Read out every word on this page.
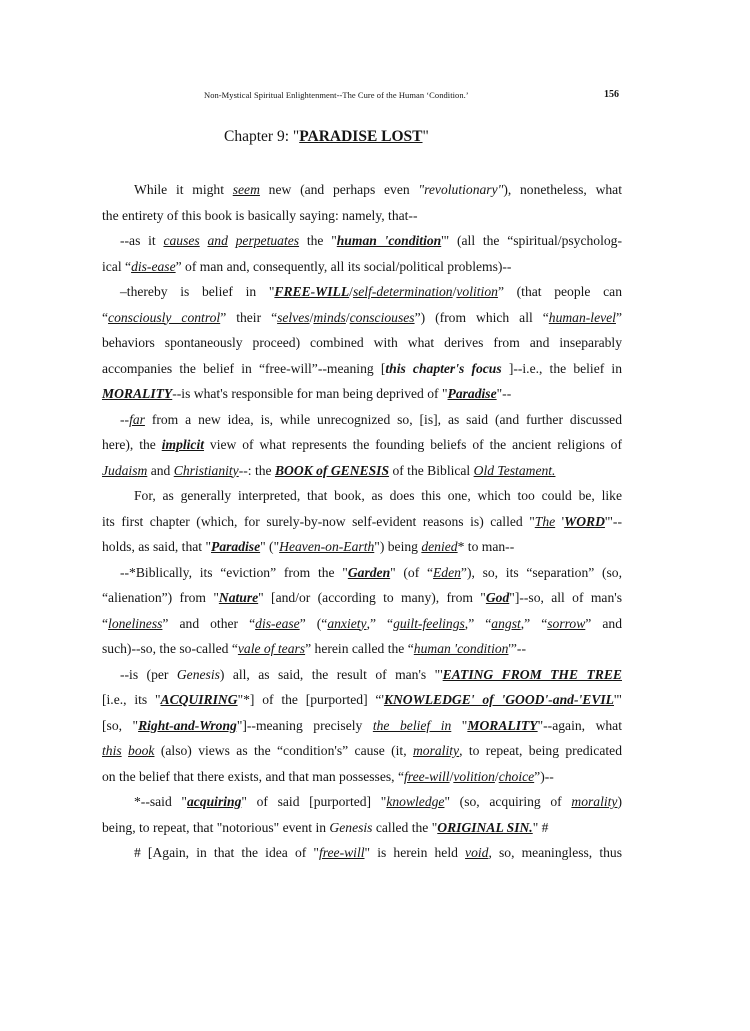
Non-Mystical Spiritual Enlightenment--The Cure of the Human ‘Condition.’	156
Chapter 9: "PARADISE LOST"
While it might seem new (and perhaps even "revolutionary"), nonetheless, what
the entirety of this book is basically saying: namely, that--
--as it causes and perpetuates the "human 'condition'" (all the “spiritual/psycholog-
ical “dis-ease” of man and, consequently, all its social/political problems)--
–thereby is belief in "FREE-WILL/self-determination/volition” (that people can
“consciously control” their “selves/minds/consciouses”) (from which all “human-level”
behaviors spontaneously proceed) combined with what derives from and inseparably
accompanies the belief in “free-will”--meaning [this chapter's focus ]--i.e., the belief in
MORALITY--is what's responsible for man being deprived of "Paradise"--
--far from a new idea, is, while unrecognized so, [is], as said (and further discussed
here), the implicit view of what represents the founding beliefs of the ancient religions of
Judaism and Christianity--: the BOOK of GENESIS of the Biblical Old Testament.
For, as generally interpreted, that book, as does this one, which too could be, like
its first chapter (which, for surely-by-now self-evident reasons is) called "The 'WORD'"--
holds, as said, that "Paradise" ("Heaven-on-Earth") being denied* to man--
--*Biblically, its “eviction” from the "Garden" (of “Eden”), so, its “separation” (so,
“alienation”) from "Nature" [and/or (according to many), from "God"]--so, all of man's
“loneliness” and other “dis-ease” (“anxiety,” “guilt-feelings,” “angst,” “sorrow” and
such)--so, the so-called “vale of tears” herein called the “human 'condition'”--
--is (per Genesis) all, as said, the result of man's "'EATING FROM THE TREE
[i.e., its "ACQUIRING"*] of the [purported] “'KNOWLEDGE' of 'GOOD'-and-'EVIL'"
[so, "Right-and-Wrong"]--meaning precisely the belief in "MORALITY"--again, what
this book (also) views as the “condition's” cause (it, morality, to repeat, being predicated
on the belief that there exists, and that man possesses, “free-will/volition/choice”)--
*--said "acquiring" of said [purported] "knowledge" (so, acquiring of morality)
being, to repeat, that "notorious" event in Genesis called the "ORIGINAL SIN." #
# [Again, in that the idea of "free-will" is herein held void, so, meaningless, thus
